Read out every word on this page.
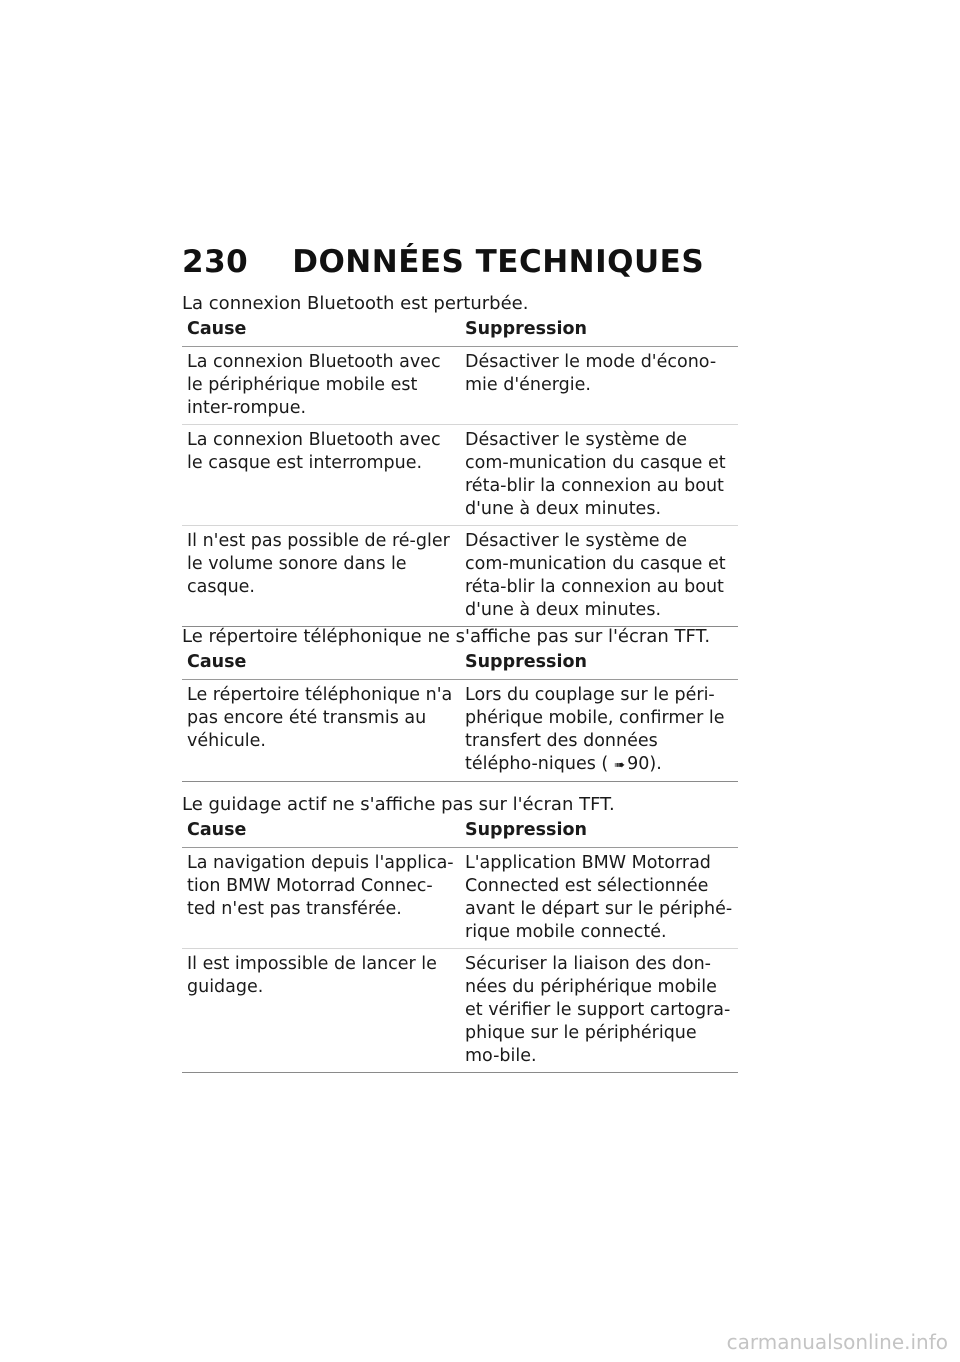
230 DONNÉES TECHNIQUES
La connexion Bluetooth est perturbée.
Cause	Suppression
La connexion Bluetooth avec le périphérique mobile est inter-rompue.	Désactiver le mode d'écono-mie d'énergie.
La connexion Bluetooth avec le casque est interrompue.	Désactiver le système de com-munication du casque et réta-blir la connexion au bout d'une à deux minutes.
Il n'est pas possible de ré-gler le volume sonore dans le casque.	Désactiver le système de com-munication du casque et réta-blir la connexion au bout d'une à deux minutes.
Le répertoire téléphonique ne s'affiche pas sur l'écran TFT.
Cause	Suppression
Le répertoire téléphonique n'a pas encore été transmis au véhicule.	Lors du couplage sur le péri-phérique mobile, confirmer le transfert des données télépho-niques ( ➠ 90).
Le guidage actif ne s'affiche pas sur l'écran TFT.
Cause	Suppression
La navigation depuis l'applica-tion BMW Motorrad Connec-ted n'est pas transférée.	L'application BMW Motorrad Connected est sélectionnée avant le départ sur le périphé-rique mobile connecté.
Il est impossible de lancer le guidage.	Sécuriser la liaison des don-nées du périphérique mobile et vérifier le support cartogra-phique sur le périphérique mo-bile.
carmanualsonline.info
